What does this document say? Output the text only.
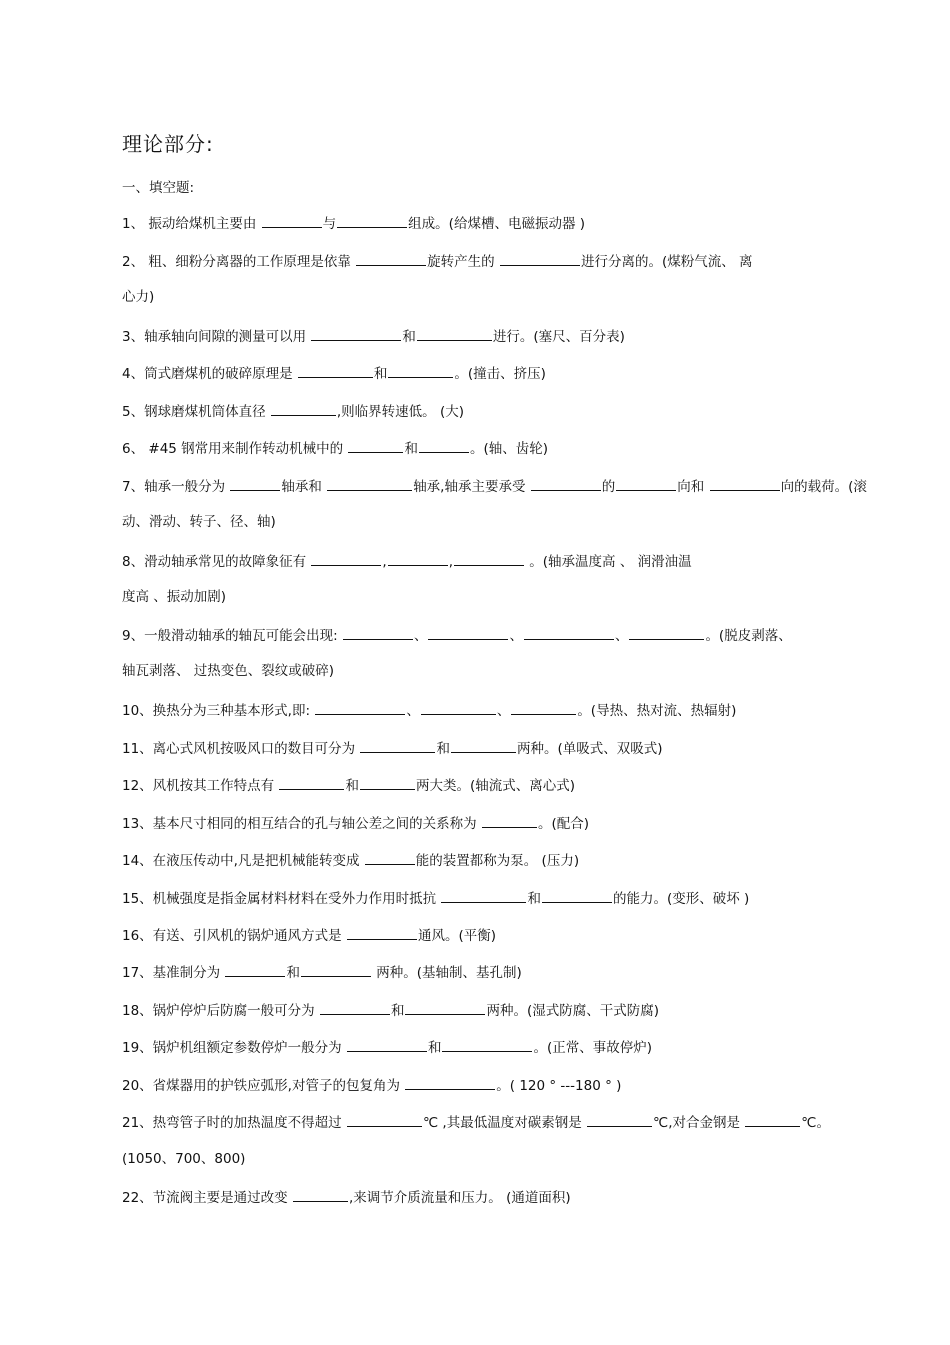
理论部分:
一、填空题:
1、 振动给煤机主要由	与	组成。(给煤槽、电磁振动器 )
2、 粗、细粉分离器的工作原理是依靠	旋转产生的	进行分离的。(煤粉气流、 离
心力)
3、轴承轴向间隙的测量可以用	和	进行。(塞尺、百分表)
4、筒式磨煤机的破碎原理是	和	。(撞击、挤压)
5、钢球磨煤机筒体直径	,则临界转速低。 (大)
6、 #45 钢常用来制作转动机械中的	和	。(轴、齿轮)
7、轴承一般分为	轴承和	轴承,轴承主要承受	的	向和	向的载荷。(滚
动、滑动、转子、径、轴)
8、滑动轴承常见的故障象征有	,	,	。(轴承温度高 、 润滑油温
度高 、振动加剧)
9、一般滑动轴承的轴瓦可能会出现:	、	、	、	。(脱皮剥落、
轴瓦剥落、 过热变色、裂纹或破碎)
10、换热分为三种基本形式,即:	、	、	。(导热、热对流、热辐射)
11、离心式风机按吸风口的数目可分为	和	两种。(单吸式、双吸式)
12、风机按其工作特点有	和	两大类。(轴流式、离心式)
13、基本尺寸相同的相互结合的孔与轴公差之间的关系称为	。(配合)
14、在液压传动中,凡是把机械能转变成	能的装置都称为泵。 (压力)
15、机械强度是指金属材料材料在受外力作用时抵抗	和	的能力。(变形、破坏 )
16、有送、引风机的锅炉通风方式是	通风。(平衡)
17、基准制分为	和	两种。(基轴制、基孔制)
18、锅炉停炉后防腐一般可分为	和	两种。(湿式防腐、干式防腐)
19、锅炉机组额定参数停炉一般分为	和	。(正常、事故停炉)
20、省煤器用的护铁应弧形,对管子的包复角为	。( 120 ° ---180 ° )
21、热弯管子时的加热温度不得超过	℃ ,其最低温度对碳素钢是	℃,对合金钢是	℃。
(1050、700、800)
22、节流阀主要是通过改变	,来调节介质流量和压力。 (通道面积)
